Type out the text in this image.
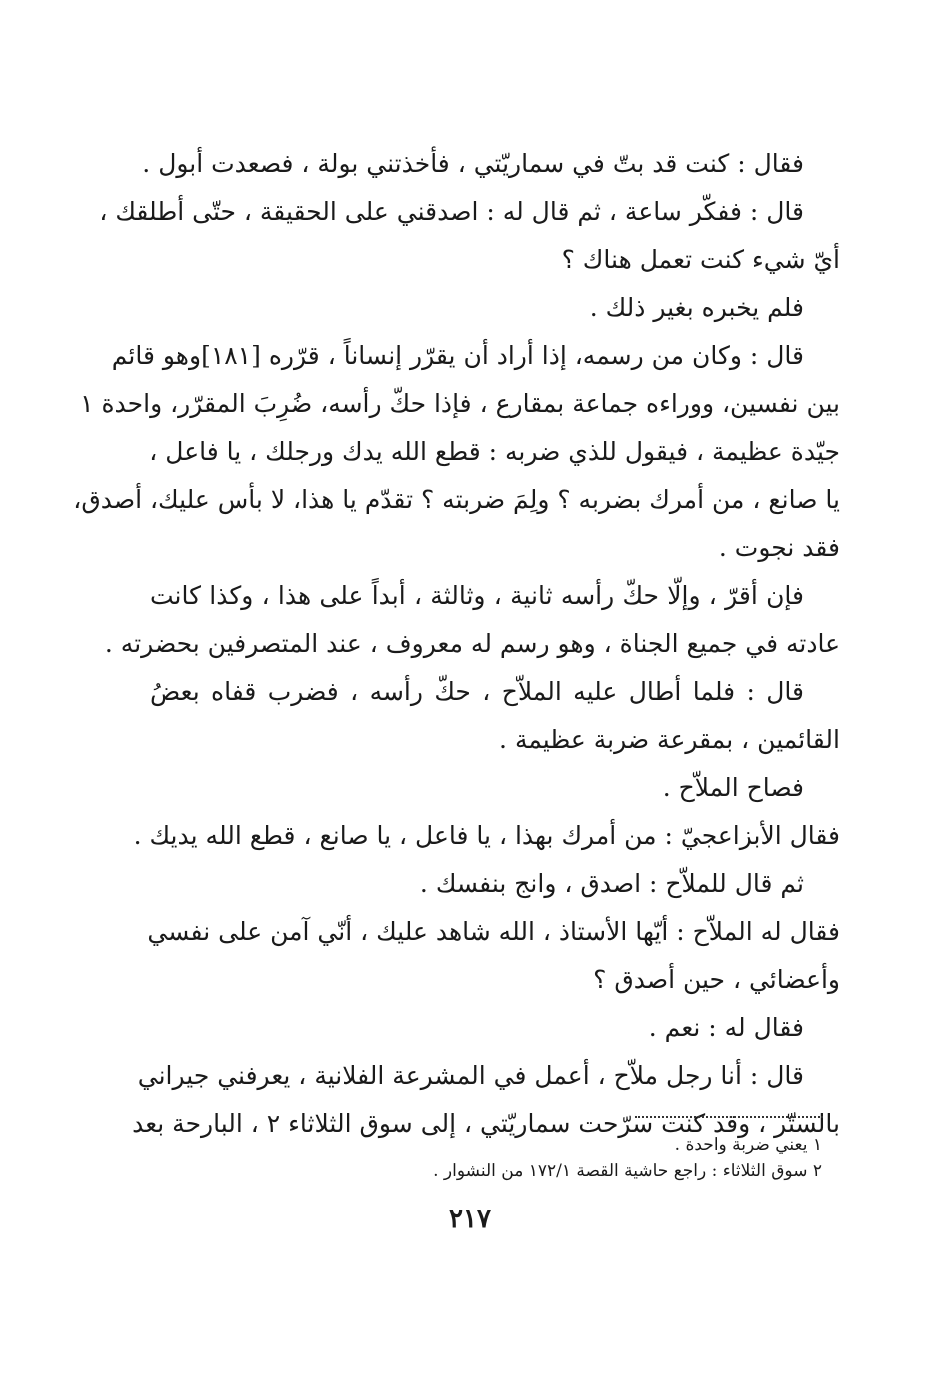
فقال : كنت قد بتّ في سماريّتي ، فأخذتني بولة ، فصعدت أبول .
قال : ففكّر ساعة ، ثم قال له : اصدقني على الحقيقة ، حتّى أطلقك ،
أيّ شيء كنت تعمل هناك ؟
فلم يخبره بغير ذلك .
قال : وكان من رسمه، إذا أراد أن يقرّر إنساناً ، قرّره [١٨١]وهو قائم
بين نفسين، ووراءه جماعة بمقارع ، فإذا حكّ رأسه، ضُرِبَ المقرّر، واحدة ١
جيّدة عظيمة ، فيقول للذي ضربه : قطع الله يدك ورجلك ، يا فاعل ،
يا صانع ، من أمرك بضربه ؟ ولِمَ ضربته ؟ تقدّم يا هذا، لا بأس عليك، أصدق،
فقد نجوت .
فإن أقرّ ، وإلّا حكّ رأسه ثانية ، وثالثة ، أبداً على هذا ، وكذا كانت
عادته في جميع الجناة ، وهو رسم له معروف ، عند المتصرفين بحضرته .
قال : فلما أطال عليه الملاّح ، حكّ رأسه ، فضرب قفاه بعضُ
القائمين ، بمقرعة ضربة عظيمة .
فصاح الملاّح .
فقال الأبزاعجيّ : من أمرك بهذا ، يا فاعل ، يا صانع ، قطع الله يديك .
ثم قال للملاّح : اصدق ، وانج بنفسك .
فقال له الملاّح : أيّها الأستاذ ، الله شاهد عليك ، أنّي آمن على نفسي
وأعضائي ، حين أصدق ؟
فقال له : نعم .
قال : أنا رجل ملاّح ، أعمل في المشرعة الفلانية ، يعرفني جيراني
بالستّر ، وقد كنت سرّحت سماريّتي ، إلى سوق الثلاثاء ٢ ، البارحة بعد
١ يعني ضربة واحدة .
٢ سوق الثلاثاء : راجع حاشية القصة ١٧٢/١ من النشوار .
٢١٧
